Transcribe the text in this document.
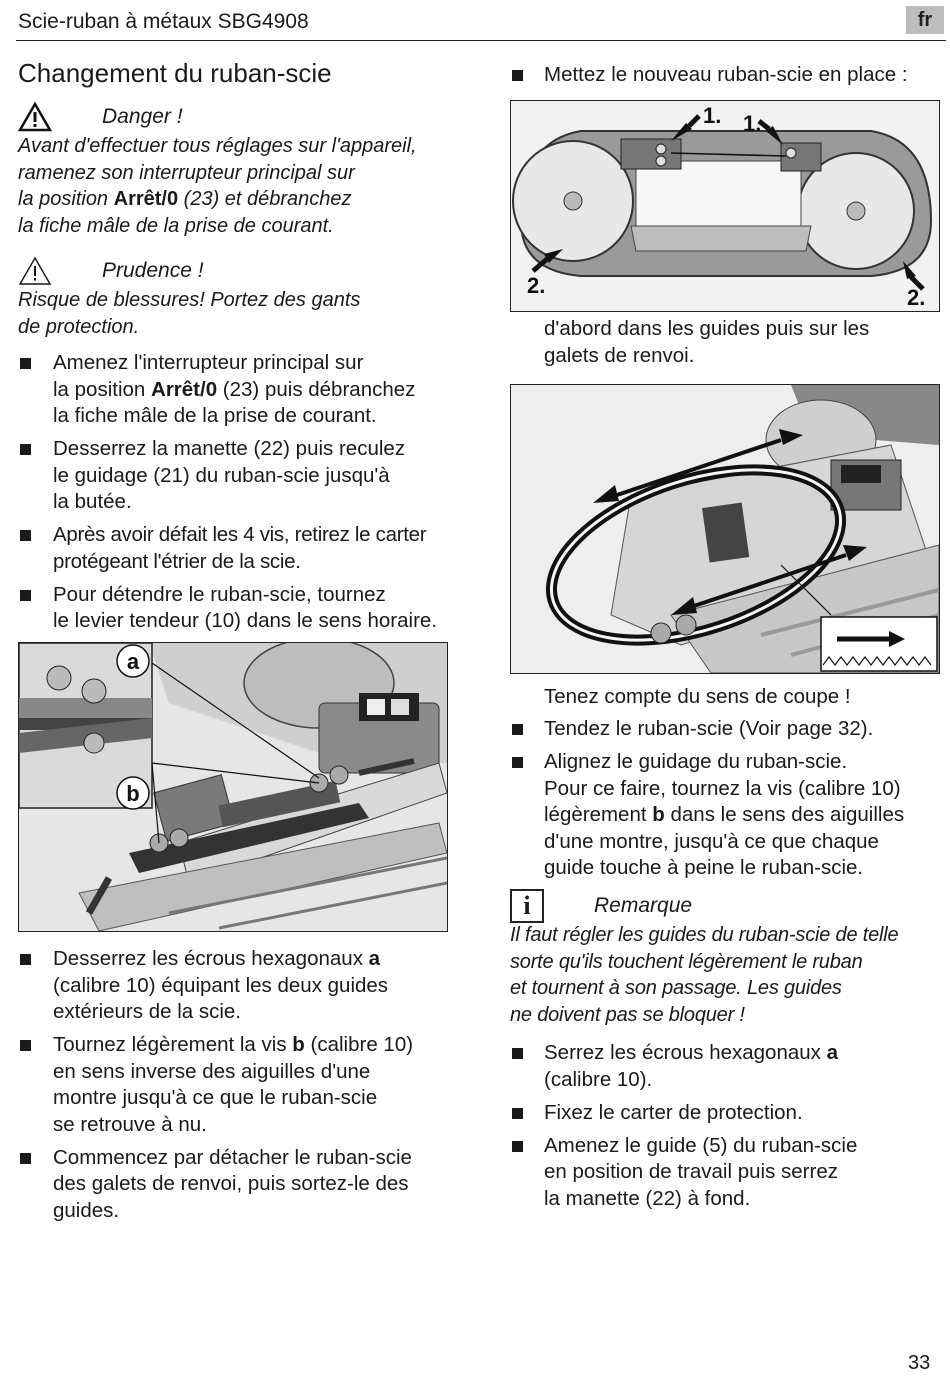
Scie-ruban à métaux SBG4908	fr
Changement du ruban-scie
Danger !
Avant d'effectuer tous réglages sur l'appareil,
ramenez son interrupteur principal sur
la position Arrêt/0 (23) et débranchez
la fiche mâle de la prise de courant.
Prudence !
Risque de blessures! Portez des gants
de protection.
Amenez l'interrupteur principal sur
la position Arrêt/0 (23) puis débranchez
la fiche mâle de la prise de courant.
Desserrez la manette (22) puis reculez
le guidage (21) du ruban-scie jusqu'à
la butée.
Après avoir défait les 4 vis, retirez le carter
protégeant l'étrier de la scie.
Pour détendre le ruban-scie, tournez
le levier tendeur (10) dans le sens horaire.
a
b
Desserrez les écrous hexagonaux a
(calibre 10) équipant les deux guides
extérieurs de la scie.
Tournez légèrement la vis b (calibre 10)
en sens inverse des aiguilles d'une
montre jusqu'à ce que le ruban-scie
se retrouve à nu.
Commencez par détacher le ruban-scie
des galets de renvoi, puis sortez-le des
guides.
Mettez le nouveau ruban-scie en place :
1. 1.
2.	2.
d'abord dans les guides puis sur les
galets de renvoi.
Tenez compte du sens de coupe !
Tendez le ruban-scie (Voir page 32).
Alignez le guidage du ruban-scie.
Pour ce faire, tournez la vis (calibre 10)
légèrement b dans le sens des aiguilles
d'une montre, jusqu'à ce que chaque
guide touche à peine le ruban-scie.
i	Remarque
Il faut régler les guides du ruban-scie de telle
sorte qu'ils touchent légèrement le ruban
et tournent à son passage. Les guides
ne doivent pas se bloquer !
Serrez les écrous hexagonaux a
(calibre 10).
Fixez le carter de protection.
Amenez le guide (5) du ruban-scie
en position de travail puis serrez
la manette (22) à fond.
33
